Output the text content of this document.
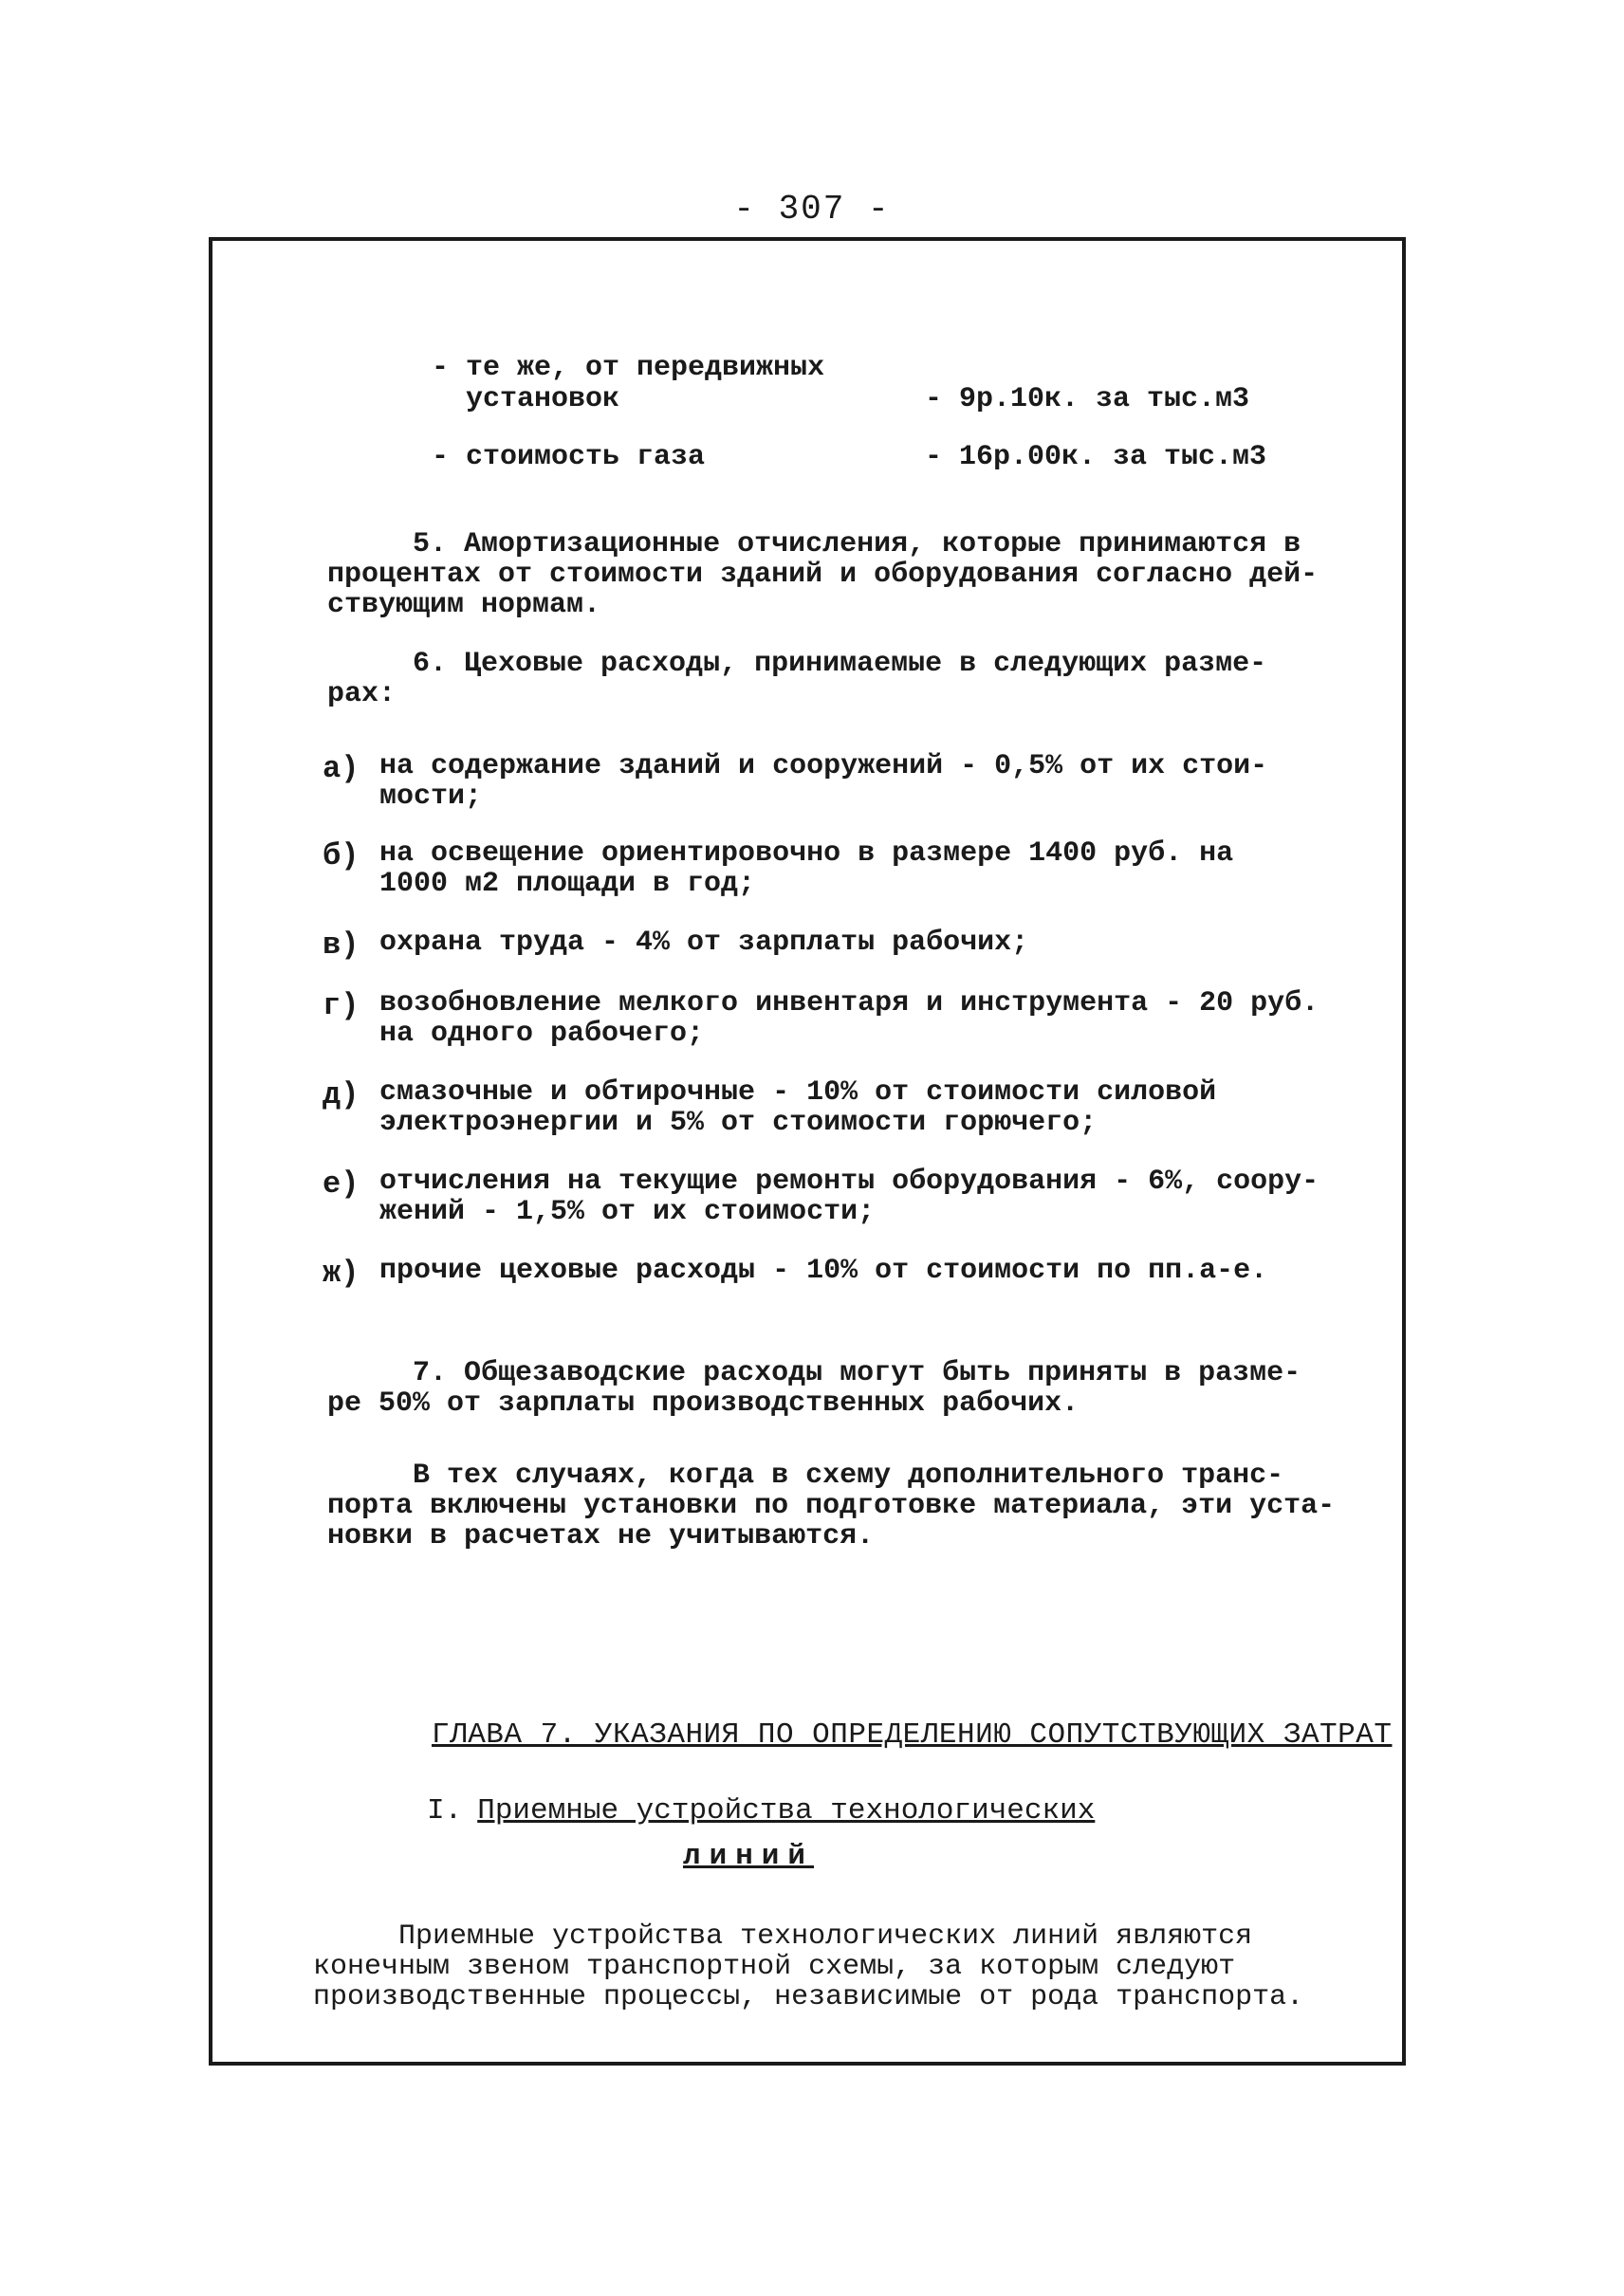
- 307 -
- те же, от передвижных
установок	- 9р.10к. за тыс.м3
- стоимость газа	- 16р.00к. за тыс.м3
5. Амортизационные отчисления, которые принимаются в
процентах от стоимости зданий и оборудования согласно дей-
ствующим нормам.
6. Цеховые расходы, принимаемые в следующих разме-
рах:
а) на содержание зданий и сооружений - 0,5% от их стои-
мости;
б) на освещение ориентировочно в размере 1400 руб. на
1000 м2 площади в год;
в) охрана труда - 4% от зарплаты рабочих;
г) возобновление мелкого инвентаря и инструмента - 20 руб.
на одного рабочего;
д) смазочные и обтирочные - 10% от стоимости силовой
электроэнергии и 5% от стоимости горючего;
е) отчисления на текущие ремонты оборудования - 6%, соору-
жений - 1,5% от их стоимости;
ж) прочие цеховые расходы - 10% от стоимости по пп.а-е.
7. Общезаводские расходы могут быть приняты в разме-
ре 50% от зарплаты производственных рабочих.
В тех случаях, когда в схему дополнительного транс-
порта включены установки по подготовке материала, эти уста-
новки в расчетах не учитываются.
ГЛАВА 7. УКАЗАНИЯ ПО ОПРЕДЕЛЕНИЮ СОПУТСТВУЮЩИХ ЗАТРАТ
I. Приемные устройства технологических
линий
Приемные устройства технологических линий являются
конечным звеном транспортной схемы, за которым следуют
производственные процессы, независимые от рода транспорта.
